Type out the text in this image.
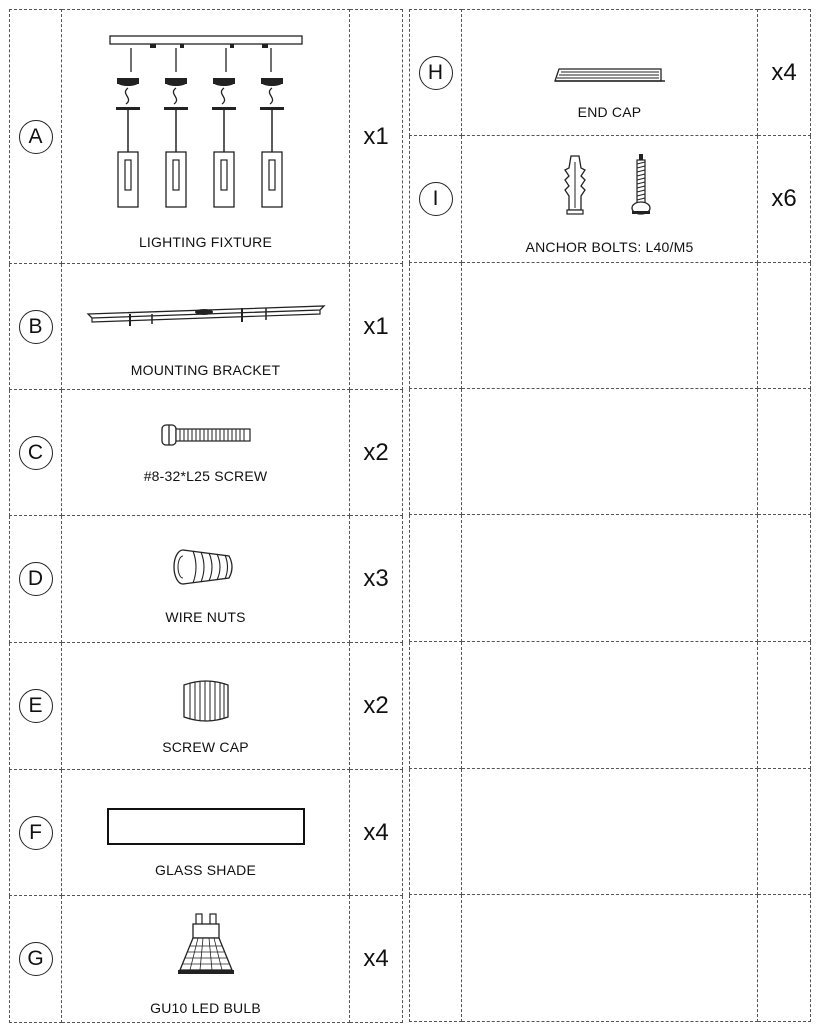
A	LIGHTING FIXTURE	x1
B	MOUNTING BRACKET	x1
C	#8-32*L25 SCREW	x2
D	WIRE NUTS	x3
E	SCREW CAP	x2
F	GLASS SHADE	x4
G	GU10 LED BULB	x4
H	END CAP	x4
I	ANCHOR BOLTS: L40/M5	x6
